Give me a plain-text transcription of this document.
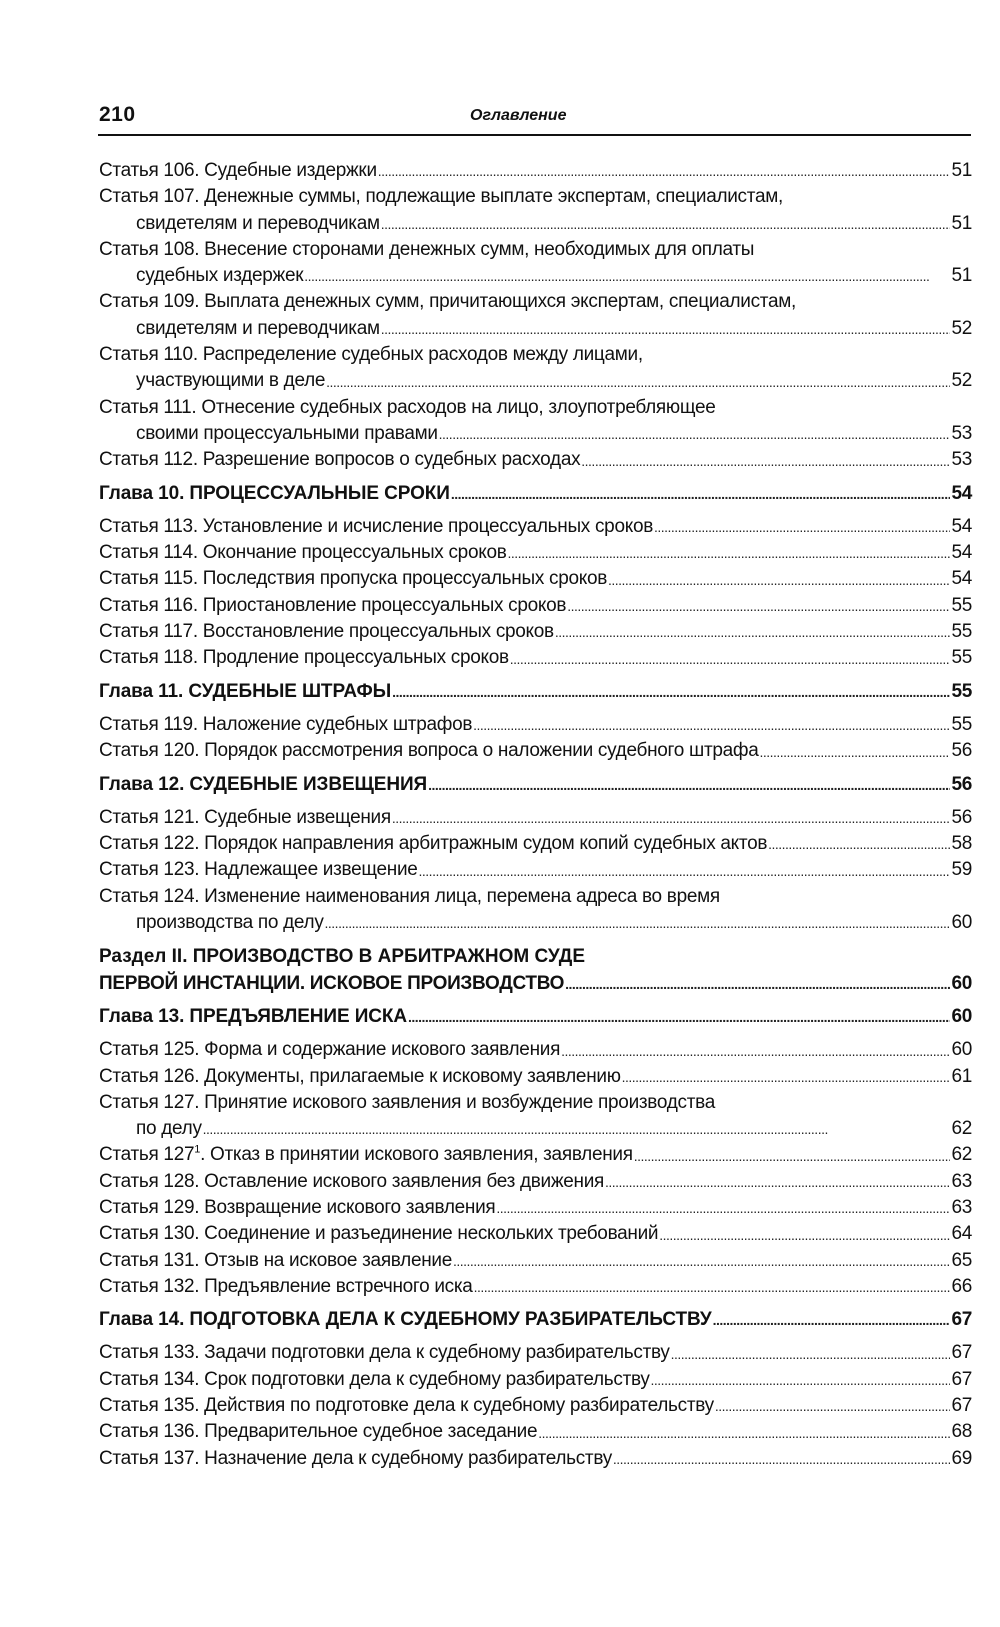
210	Оглавление
Статья 106. Судебные издержки . . .	51
Статья 107. Денежные суммы, подлежащие выплате экспертам, специалистам,
свидетелям и переводчикам . . .	51
Статья 108. Внесение сторонами денежных сумм, необходимых для оплаты
судебных издержек . . .	51
Статья 109. Выплата денежных сумм, причитающихся экспертам, специалистам,
свидетелям и переводчикам . . .	52
Статья 110. Распределение судебных расходов между лицами,
участвующими в деле . . .	52
Статья 111. Отнесение судебных расходов на лицо, злоупотребляющее
своими процессуальными правами . . .	53
Статья 112. Разрешение вопросов о судебных расходах . . .	53
Глава 10. ПРОЦЕССУАЛЬНЫЕ СРОКИ . . .	54
Статья 113. Установление и исчисление процессуальных сроков . . .	54
Статья 114. Окончание процессуальных сроков . . .	54
Статья 115. Последствия пропуска процессуальных сроков . . .	54
Статья 116. Приостановление процессуальных сроков . . .	55
Статья 117. Восстановление процессуальных сроков . . .	55
Статья 118. Продление процессуальных сроков . . .	55
Глава 11. СУДЕБНЫЕ ШТРАФЫ . . .	55
Статья 119. Наложение судебных штрафов . . .	55
Статья 120. Порядок рассмотрения вопроса о наложении судебного штрафа . . .	56
Глава 12. СУДЕБНЫЕ ИЗВЕЩЕНИЯ . . .	56
Статья 121. Судебные извещения . . .	56
Статья 122. Порядок направления арбитражным судом копий судебных актов . . .	58
Статья 123. Надлежащее извещение . . .	59
Статья 124. Изменение наименования лица, перемена адреса во время
производства по делу . . .	60
Раздел II. ПРОИЗВОДСТВО В АРБИТРАЖНОМ СУДЕ
ПЕРВОЙ ИНСТАНЦИИ. ИСКОВОЕ ПРОИЗВОДСТВО . . .	60
Глава 13. ПРЕДЪЯВЛЕНИЕ ИСКА . . .	60
Статья 125. Форма и содержание искового заявления . . .	60
Статья 126. Документы, прилагаемые к исковому заявлению . . .	61
Статья 127. Принятие искового заявления и возбуждение производства
по делу . . .	62
Статья $127^1$. Отказ в принятии искового заявления, заявления . . .	62
Статья 128. Оставление искового заявления без движения . . .	63
Статья 129. Возвращение искового заявления . . .	63
Статья 130. Соединение и разъединение нескольких требований . . .	64
Статья 131. Отзыв на исковое заявление . . .	65
Статья 132. Предъявление встречного иска . . .	66
Глава 14. ПОДГОТОВКА ДЕЛА К СУДЕБНОМУ РАЗБИРАТЕЛЬСТВУ . . .	67
Статья 133. Задачи подготовки дела к судебному разбирательству . . .	67
Статья 134. Срок подготовки дела к судебному разбирательству . . .	67
Статья 135. Действия по подготовке дела к судебному разбирательству . . .	67
Статья 136. Предварительное судебное заседание . . .	68
Статья 137. Назначение дела к судебному разбирательству . . .	69
